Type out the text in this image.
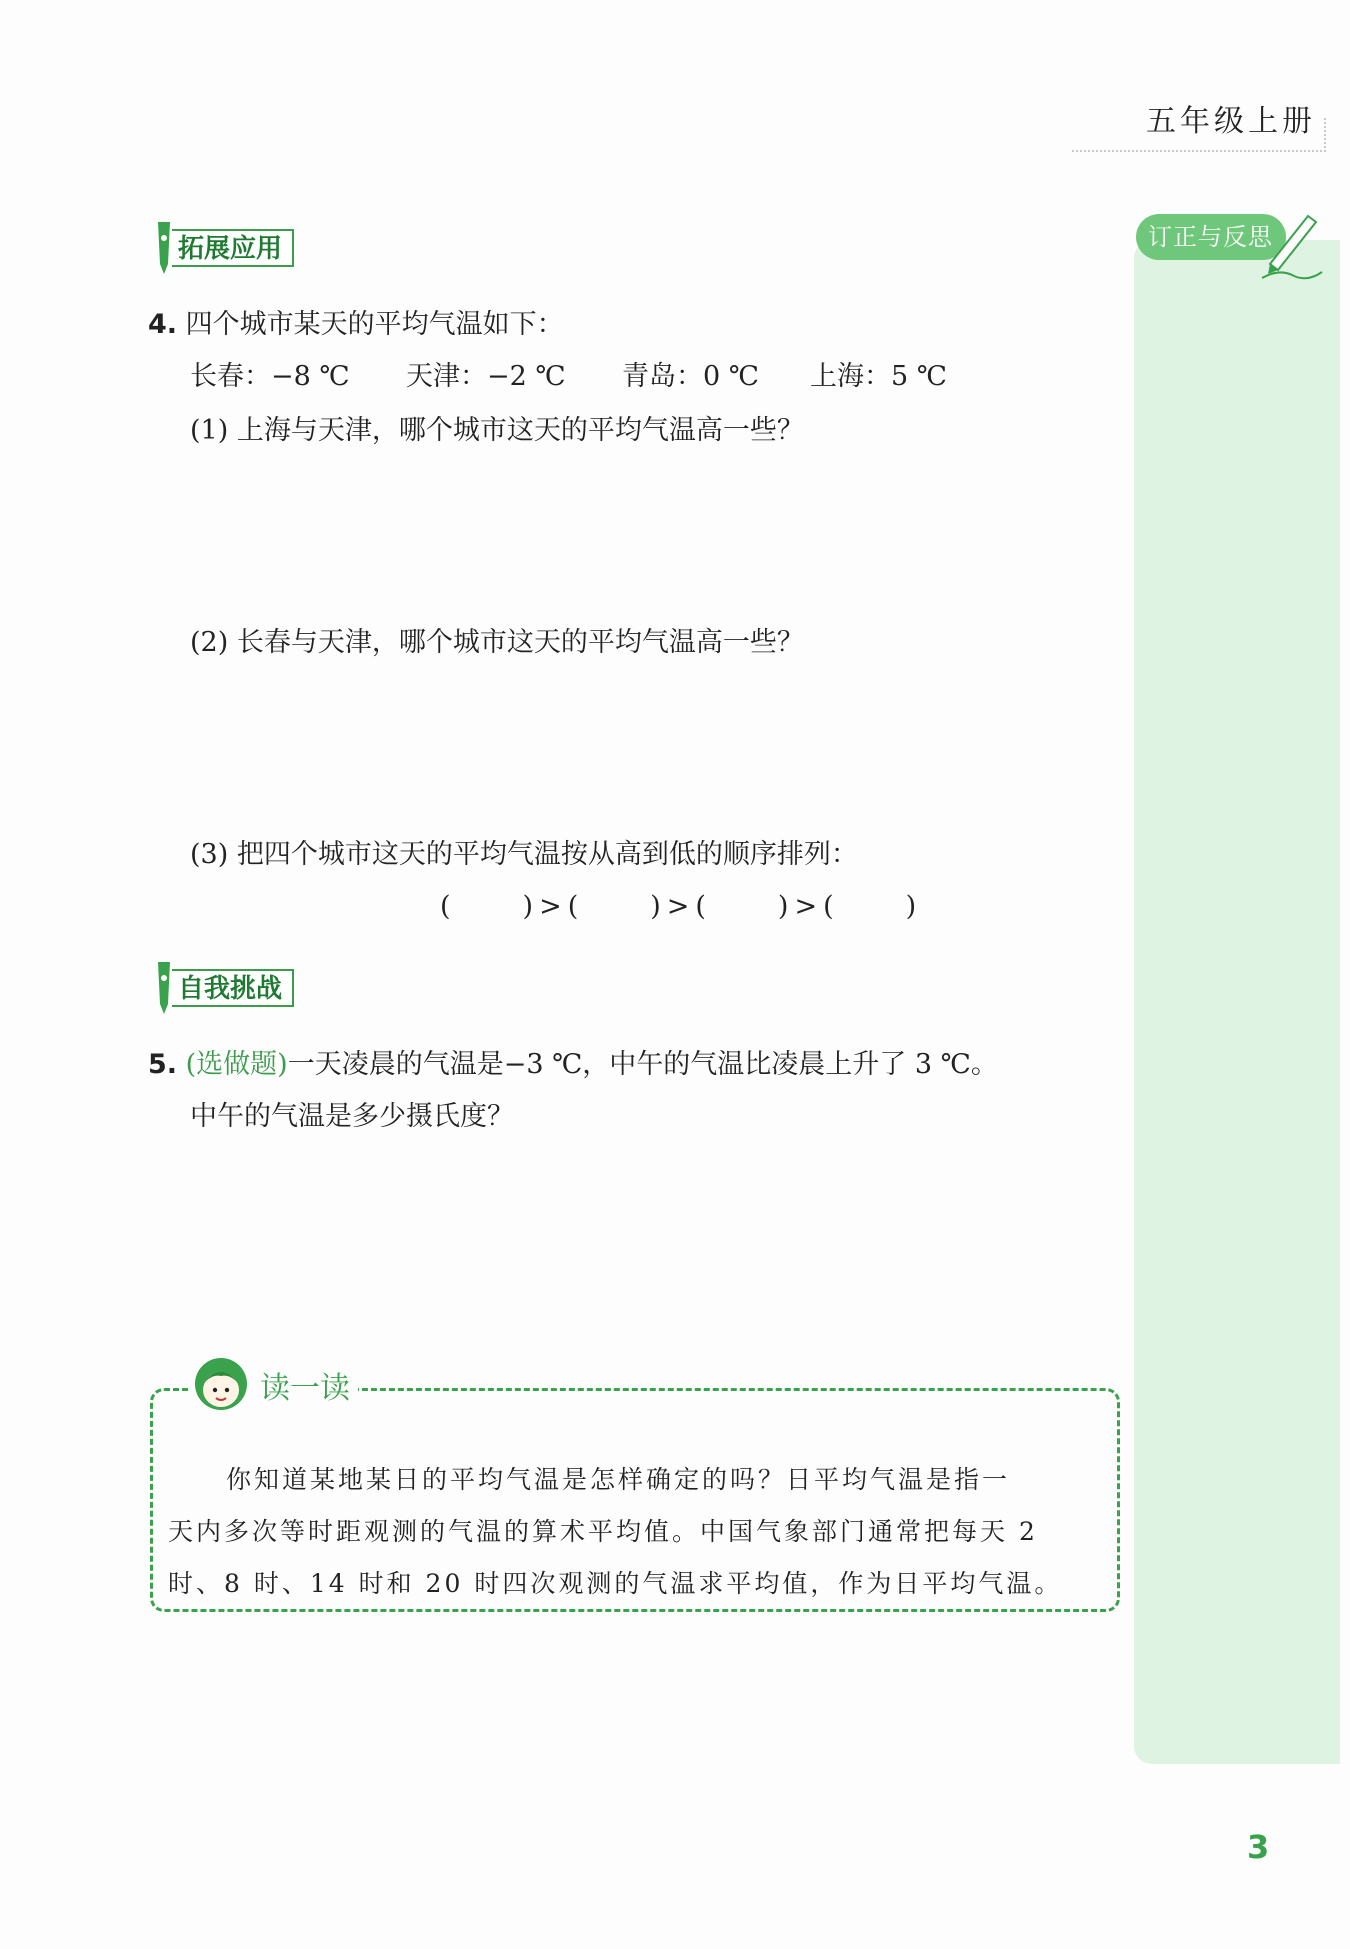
五年级上册
订正与反思
拓展应用
4. 四个城市某天的平均气温如下：
长春：−8 ℃ 天津：−2 ℃ 青岛：0 ℃ 上海：5 ℃
(1) 上海与天津，哪个城市这天的平均气温高一些？
(2) 长春与天津，哪个城市这天的平均气温高一些？
(3) 把四个城市这天的平均气温按从高到低的顺序排列：
(　　)>(　　)>(　　)>(　　)
自我挑战
5. (选做题)一天凌晨的气温是−3 ℃，中午的气温比凌晨上升了 3 ℃。
中午的气温是多少摄氏度？
读一读
你知道某地某日的平均气温是怎样确定的吗？日平均气温是指一
天内多次等时距观测的气温的算术平均值。中国气象部门通常把每天 2
时、8 时、14 时和 20 时四次观测的气温求平均值，作为日平均气温。
3
